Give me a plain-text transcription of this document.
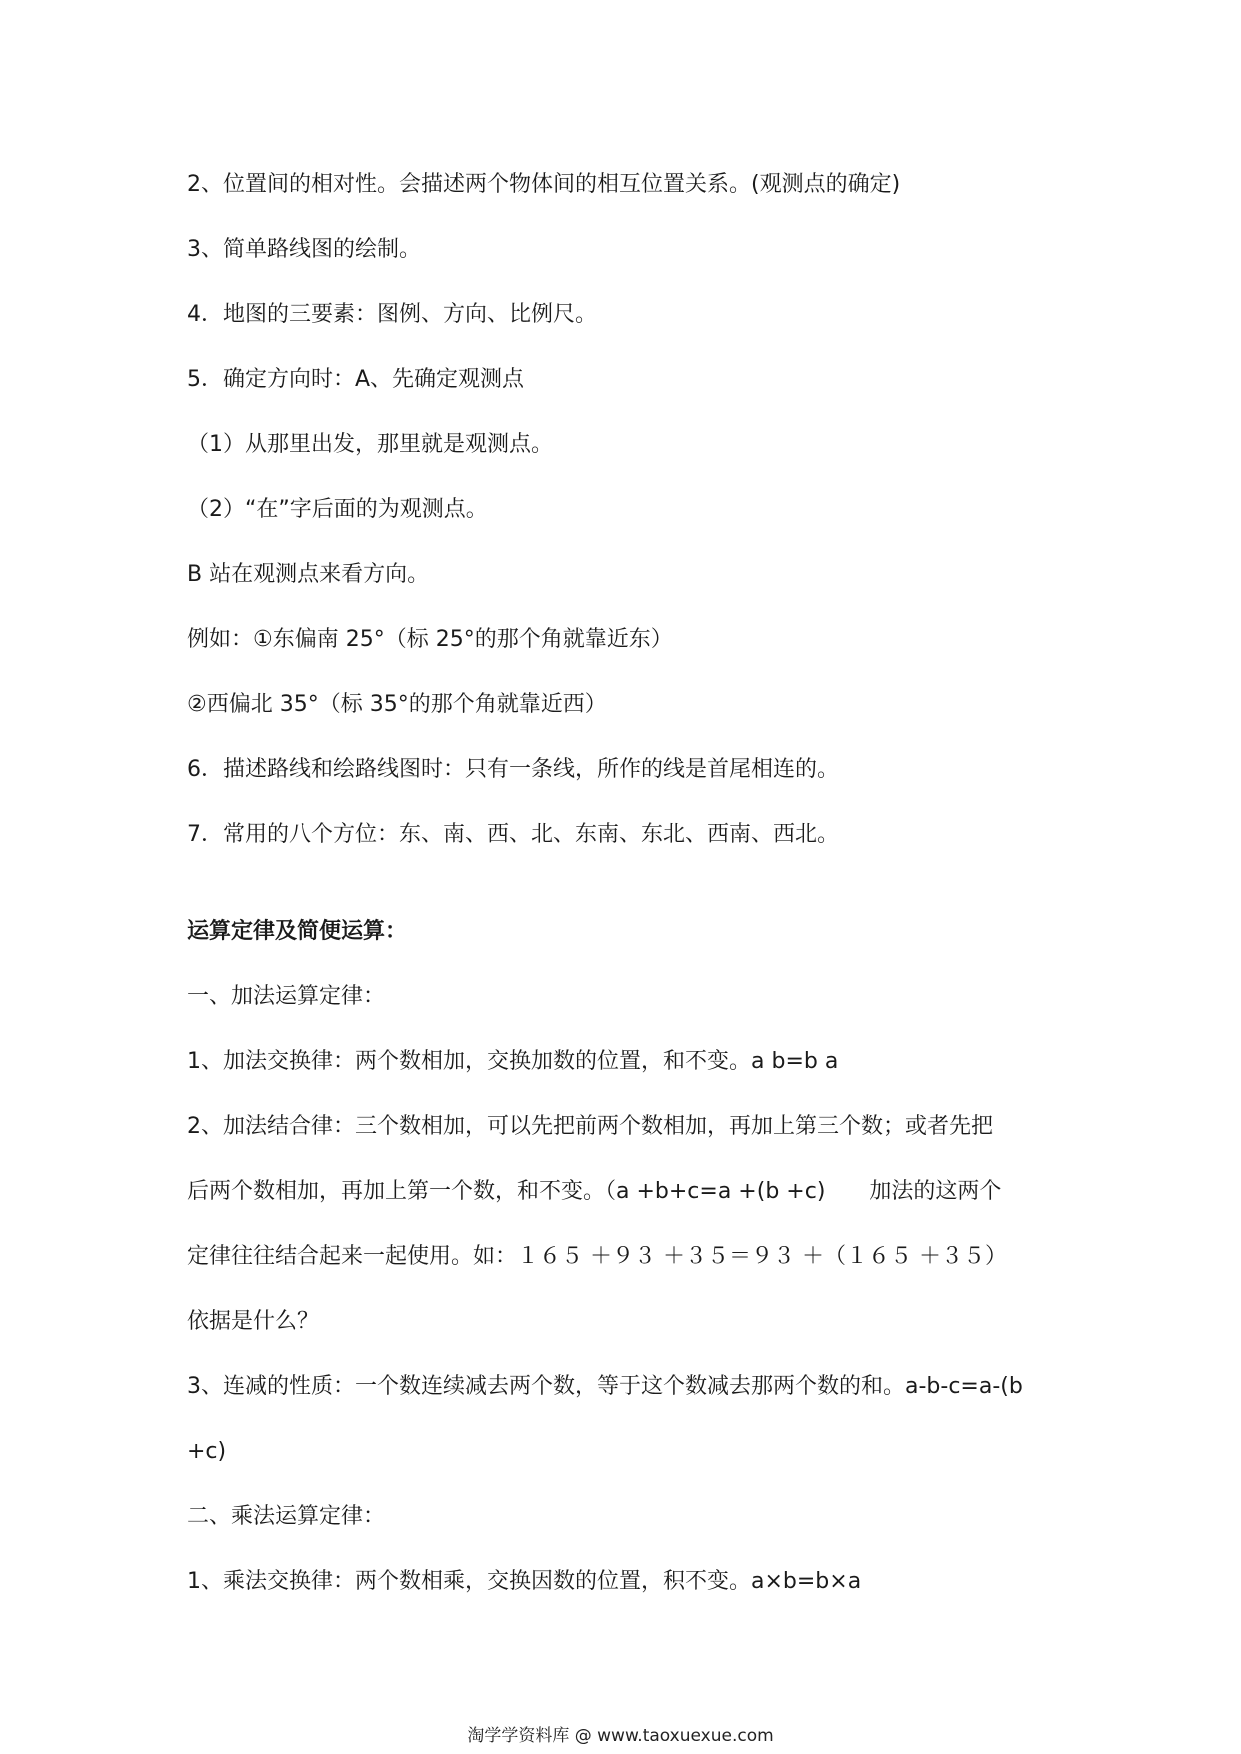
2、位置间的相对性。会描述两个物体间的相互位置关系。(观测点的确定)
3、简单路线图的绘制。
4．地图的三要素：图例、方向、比例尺。
5．确定方向时：A、先确定观测点
（1）从那里出发，那里就是观测点。
（2）“在”字后面的为观测点。
B 站在观测点来看方向。
例如：①东偏南 25°（标 25°的那个角就靠近东）
②西偏北 35°（标 35°的那个角就靠近西）
6．描述路线和绘路线图时：只有一条线，所作的线是首尾相连的。
7．常用的八个方位：东、南、西、北、东南、东北、西南、西北。
运算定律及简便运算：
一、加法运算定律：
1、加法交换律：两个数相加，交换加数的位置，和不变。a b=b a
2、加法结合律：三个数相加，可以先把前两个数相加，再加上第三个数；或者先把
后两个数相加，再加上第一个数，和不变。（a +b+c=a +(b +c)　　加法的这两个
定律往往结合起来一起使用。如：１６５ ＋９３ ＋３５＝９３ ＋（１６５ ＋３５）
依据是什么？
3、连减的性质：一个数连续减去两个数，等于这个数减去那两个数的和。a-b-c=a-(b
+c)
二、乘法运算定律：
1、乘法交换律：两个数相乘，交换因数的位置，积不变。a×b=b×a
淘学学资料库 @ www.taoxuexue.com
